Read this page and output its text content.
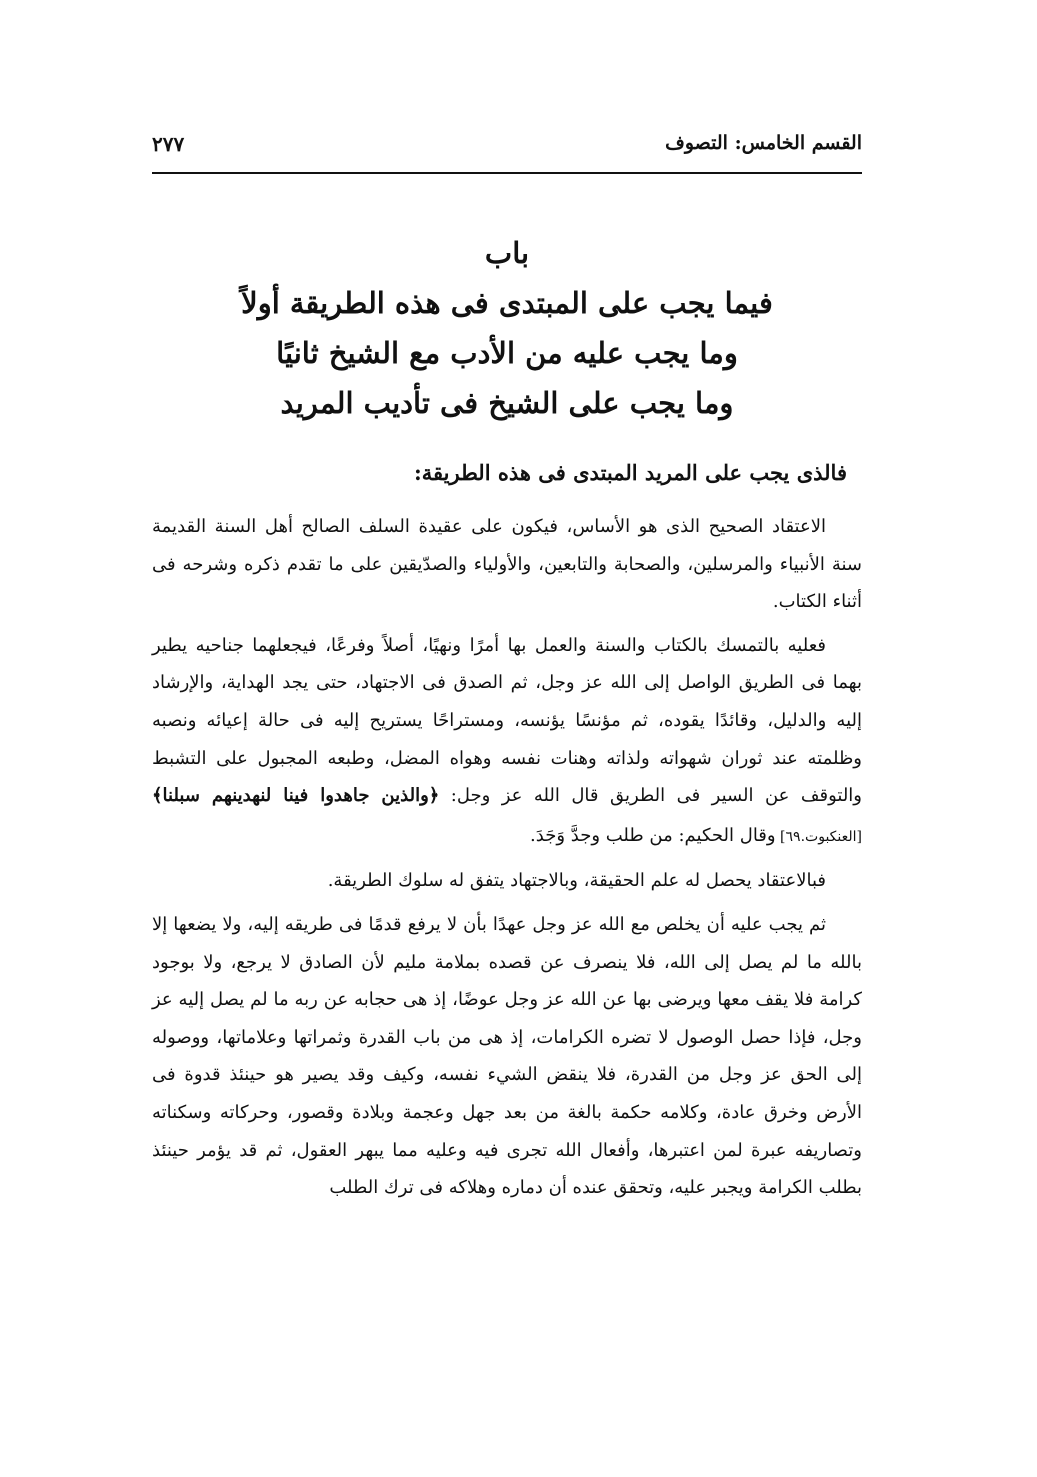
القسم الخامس: التصوف
٢٧٧
باب
فيما يجب على المبتدى فى هذه الطريقة أولاً
وما يجب عليه من الأدب مع الشيخ ثانيًا
وما يجب على الشيخ فى تأديب المريد
فالذى يجب على المريد المبتدى فى هذه الطريقة:

الاعتقاد الصحيح الذى هو الأساس، فيكون على عقيدة السلف الصالح أهل السنة القديمة سنة الأنبياء والمرسلين، والصحابة والتابعين، والأولياء والصدّيقين على ما تقدم ذكره وشرحه فى أثناء الكتاب.

فعليه بالتمسك بالكتاب والسنة والعمل بها أمرًا ونهيًا، أصلاً وفرعًا، فيجعلهما جناحيه يطير بهما فى الطريق الواصل إلى الله عز وجل، ثم الصدق فى الاجتهاد، حتى يجد الهداية، والإرشاد إليه والدليل، وقائدًا يقوده، ثم مؤنسًا يؤنسه، ومستراحًا يستريح إليه فى حالة إعيائه ونصبه وظلمته عند ثوران شهواته ولذاته وهنات نفسه وهواه المضل، وطبعه المجبول على التشبط والتوقف عن السير فى الطريق قال الله عز وجل: ﴿والذين جاهدوا فينا لنهدينهم سبلنا﴾ [العنكبوت.٦٩] وقال الحكيم: من طلب وجدَّ وَجَدَ.

فبالاعتقاد يحصل له علم الحقيقة، وبالاجتهاد يتفق له سلوك الطريقة.

ثم يجب عليه أن يخلص مع الله عز وجل عهدًا بأن لا يرفع قدمًا فى طريقه إليه، ولا يضعها إلا بالله ما لم يصل إلى الله، فلا ينصرف عن قصده بملامة مليم لأن الصادق لا يرجع، ولا بوجود كرامة فلا يقف معها ويرضى بها عن الله عز وجل عوضًا، إذ هى حجابه عن ربه ما لم يصل إليه عز وجل، فإذا حصل الوصول لا تضره الكرامات، إذ هى من باب القدرة وثمراتها وعلاماتها، ووصوله إلى الحق عز وجل من القدرة، فلا ينقض الشيء نفسه، وكيف وقد يصير هو حينئذ قدوة فى الأرض وخرق عادة، وكلامه حكمة بالغة من بعد جهل وعجمة وبلادة وقصور، وحركاته وسكناته وتصاريفه عبرة لمن اعتبرها، وأفعال الله تجرى فيه وعليه مما يبهر العقول، ثم قد يؤمر حينئذ بطلب الكرامة ويجبر عليه، وتحقق عنده أن دماره وهلاكه فى ترك الطلب
